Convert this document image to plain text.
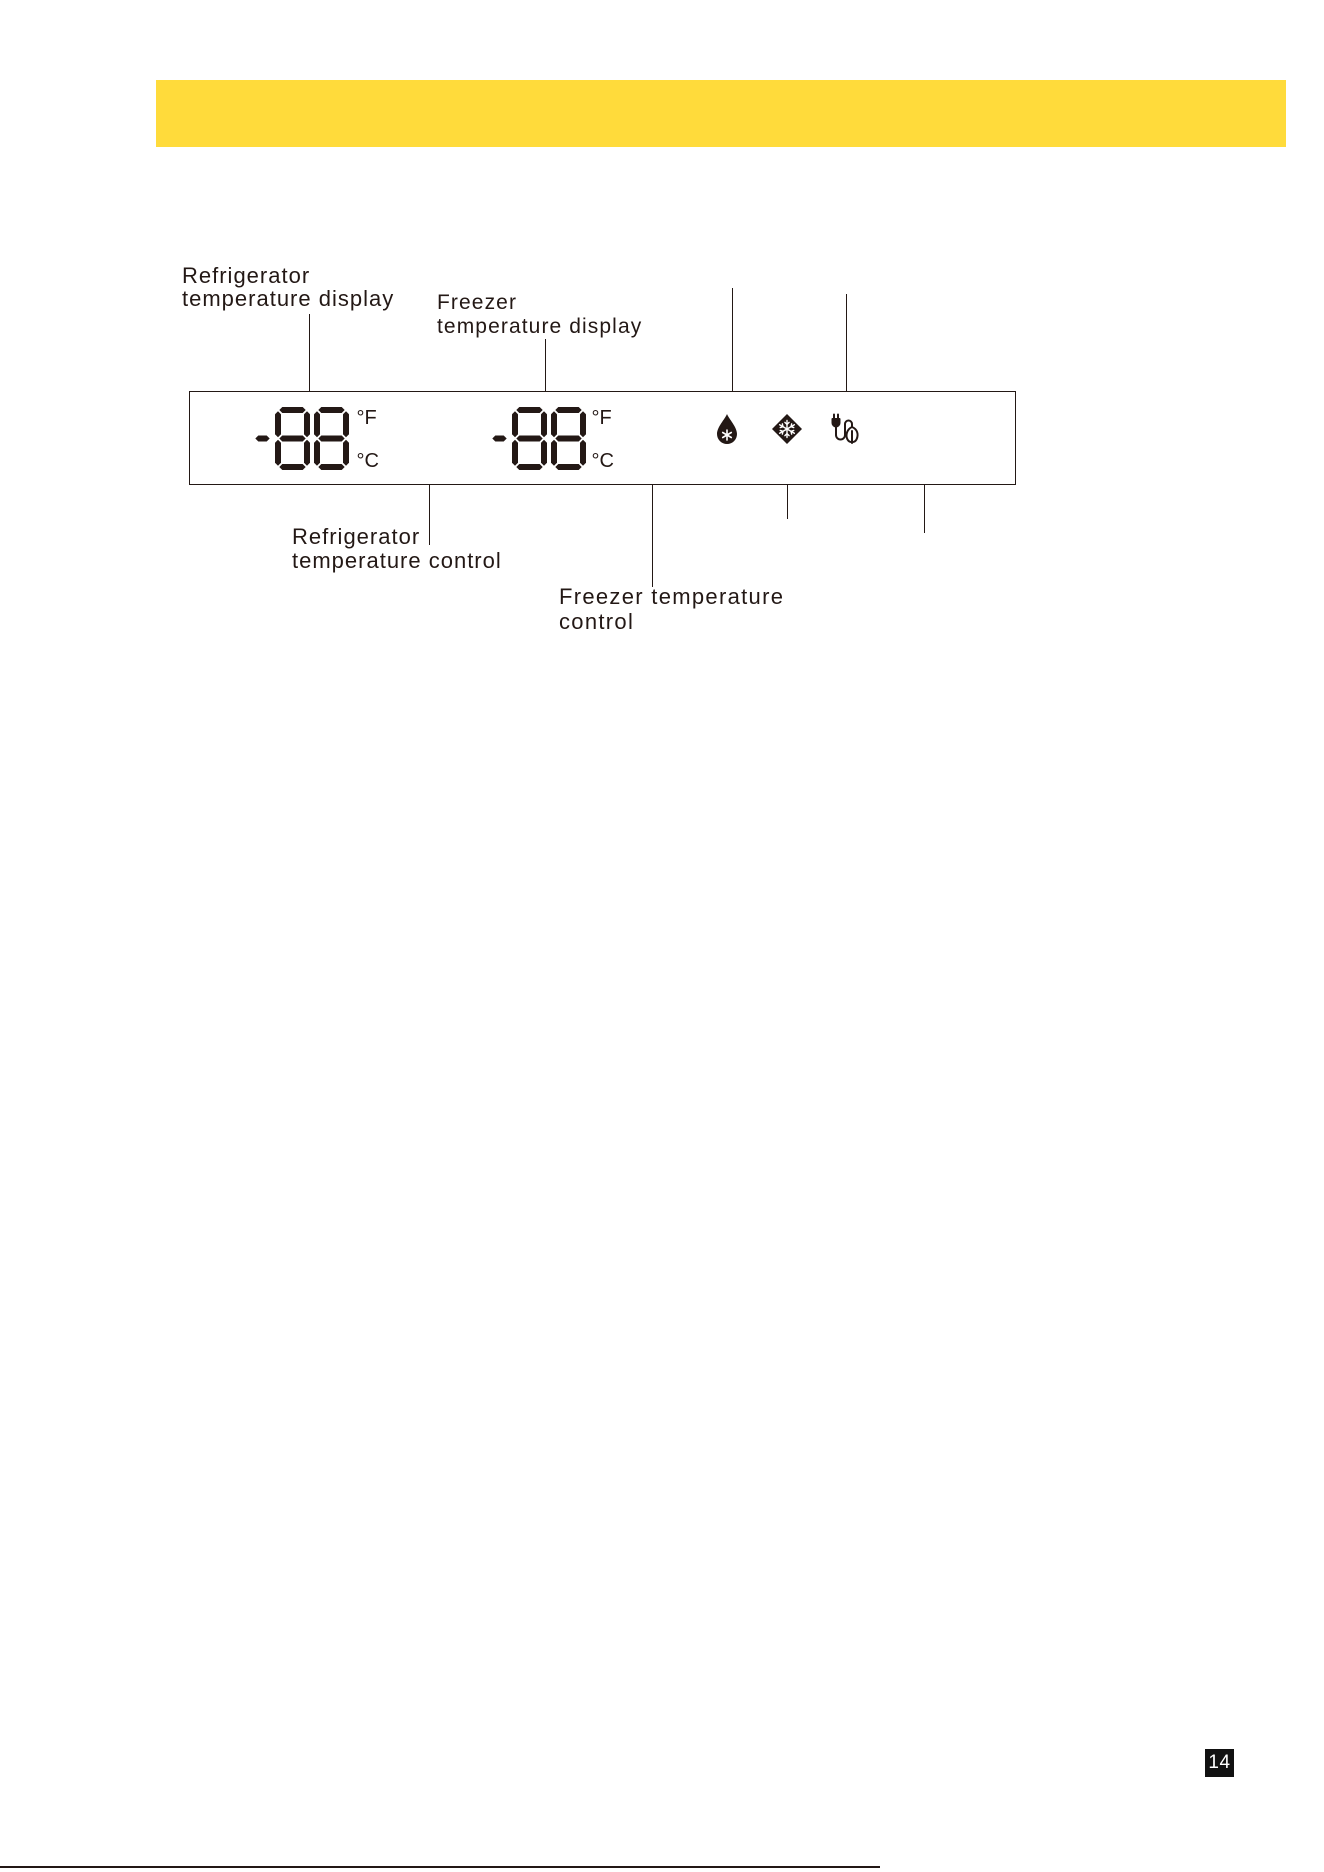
Refrigerator
temperature display Freezer
temperature display
°F
°C
°F
°C
Refrigerator
temperature control
Freezer temperature
control
14
